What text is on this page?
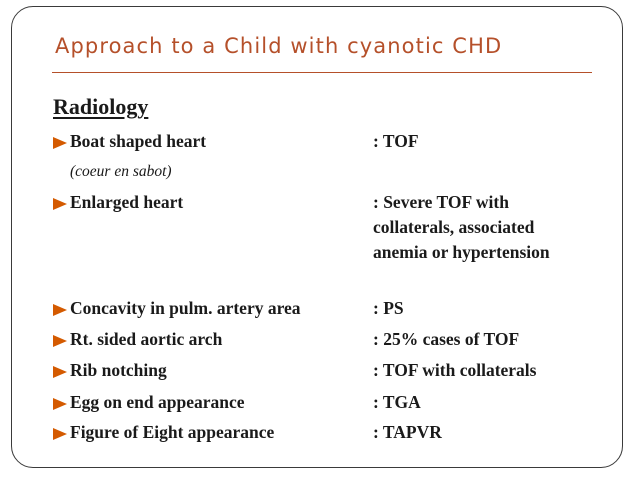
Approach to a Child with cyanotic CHD
Radiology
Boat shaped heart	: TOF
(coeur en sabot)
Enlarged heart	: Severe TOF with
collaterals, associated
anemia or hypertension
Concavity in pulm. artery area	: PS
Rt. sided aortic arch	: 25% cases of TOF
Rib notching	: TOF with collaterals
Egg on end appearance	: TGA
Figure of Eight appearance	: TAPVR
